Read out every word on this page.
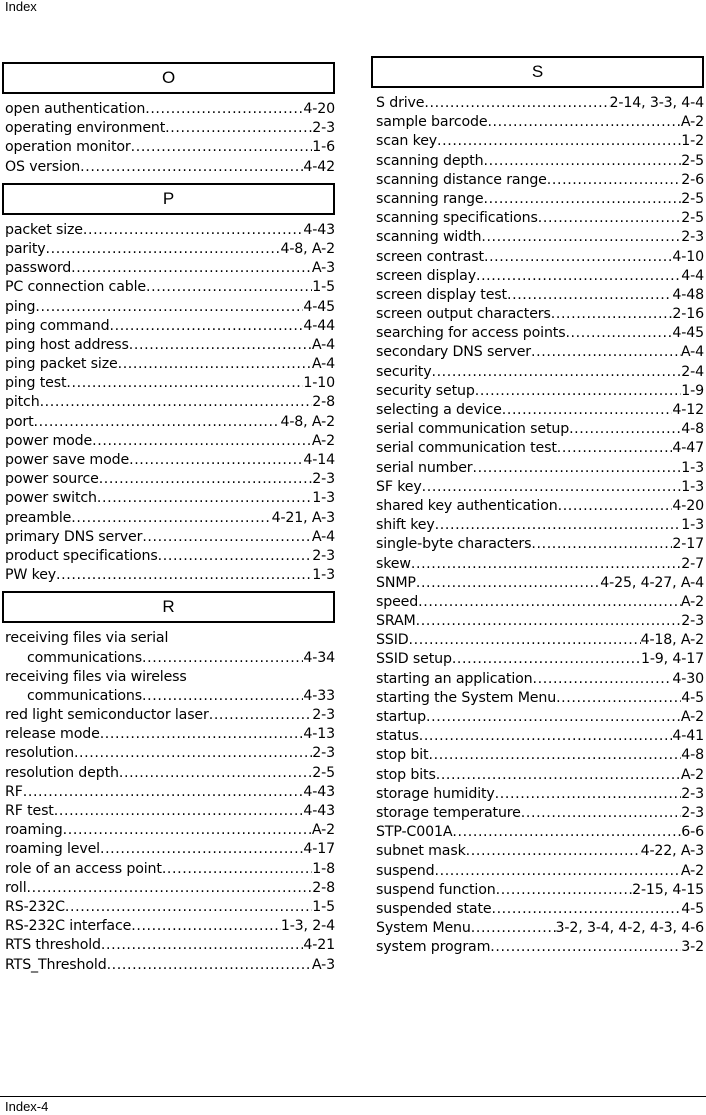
Index
O
open authentication .....	4-20
operating environment .....	2-3
operation monitor .....	1-6
OS version .....	4-42
P
packet size .....	4-43
parity .....	4-8, A-2
password .....	A-3
PC connection cable .....	1-5
ping .....	4-45
ping command .....	4-44
ping host address .....	A-4
ping packet size .....	A-4
ping test .....	1-10
pitch .....	2-8
port .....	4-8, A-2
power mode .....	A-2
power save mode .....	4-14
power source .....	2-3
power switch .....	1-3
preamble .....	4-21, A-3
primary DNS server .....	A-4
product specifications .....	2-3
PW key .....	1-3
R
receiving files via serial
communications .....	4-34
receiving files via wireless
communications .....	4-33
red light semiconductor laser .....	2-3
release mode .....	4-13
resolution .....	2-3
resolution depth .....	2-5
RF .....	4-43
RF test .....	4-43
roaming .....	A-2
roaming level .....	4-17
role of an access point .....	1-8
roll .....	2-8
RS-232C .....	1-5
RS-232C interface .....	1-3, 2-4
RTS threshold .....	4-21
RTS_Threshold .....	A-3
S
S drive .....	2-14, 3-3, 4-4
sample barcode .....	A-2
scan key .....	1-2
scanning depth .....	2-5
scanning distance range .....	2-6
scanning range .....	2-5
scanning specifications .....	2-5
scanning width .....	2-3
screen contrast .....	4-10
screen display .....	4-4
screen display test .....	4-48
screen output characters .....	2-16
searching for access points .....	4-45
secondary DNS server .....	A-4
security .....	2-4
security setup .....	1-9
selecting a device .....	4-12
serial communication setup .....	4-8
serial communication test .....	4-47
serial number .....	1-3
SF key .....	1-3
shared key authentication .....	4-20
shift key .....	1-3
single-byte characters .....	2-17
skew .....	2-7
SNMP .....	4-25, 4-27, A-4
speed .....	A-2
SRAM .....	2-3
SSID .....	4-18, A-2
SSID setup .....	1-9, 4-17
starting an application .....	4-30
starting the System Menu .....	4-5
startup .....	A-2
status .....	4-41
stop bit .....	4-8
stop bits .....	A-2
storage humidity .....	2-3
storage temperature .....	2-3
STP-C001A .....	6-6
subnet mask .....	4-22, A-3
suspend .....	A-2
suspend function .....	2-15, 4-15
suspended state .....	4-5
System Menu .....	3-2, 3-4, 4-2, 4-3, 4-6
system program .....	3-2
Index-4
